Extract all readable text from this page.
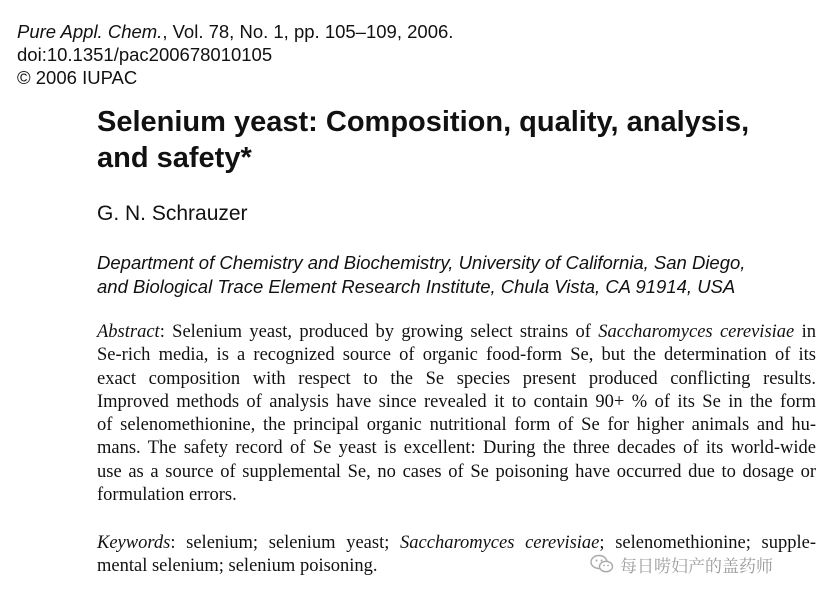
Pure Appl. Chem., Vol. 78, No. 1, pp. 105–109, 2006.
doi:10.1351/pac200678010105
© 2006 IUPAC
Selenium yeast: Composition, quality, analysis,
and safety*
G. N. Schrauzer
Department of Chemistry and Biochemistry, University of California, San Diego,
and Biological Trace Element Research Institute, Chula Vista, CA 91914, USA
Abstract: Selenium yeast, produced by growing select strains of Saccharomyces cerevisiae in
Se-rich media, is a recognized source of organic food-form Se, but the determination of its
exact composition with respect to the Se species present produced conflicting results.
Improved methods of analysis have since revealed it to contain 90+ % of its Se in the form
of selenomethionine, the principal organic nutritional form of Se for higher animals and hu-
mans. The safety record of Se yeast is excellent: During the three decades of its world-wide
use as a source of supplemental Se, no cases of Se poisoning have occurred due to dosage or
formulation errors.
Keywords: selenium; selenium yeast; Saccharomyces cerevisiae; selenomethionine; supple-
mental selenium; selenium poisoning.	每日唠妇产的盖药师
